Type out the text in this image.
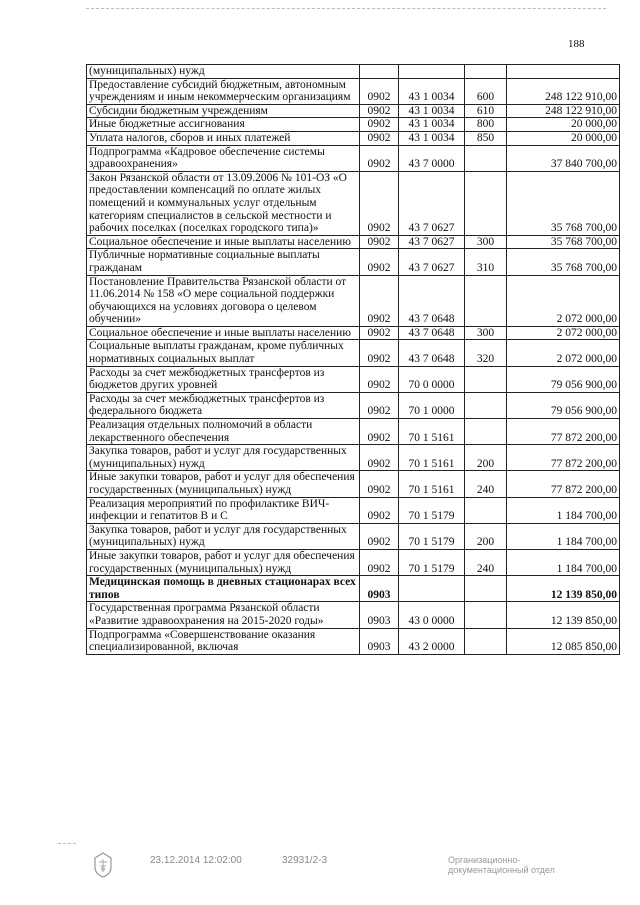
188
(муниципальных) нужд				
Предоставление субсидий бюджетным, автономным учреждениям и иным некоммерческим организациям	0902	43 1 0034	600	248 122 910,00
Субсидии бюджетным учреждениям	0902	43 1 0034	610	248 122 910,00
Иные бюджетные ассигнования	0902	43 1 0034	800	20 000,00
Уплата налогов, сборов и иных платежей	0902	43 1 0034	850	20 000,00
Подпрограмма «Кадровое обеспечение системы здравоохранения»	0902	43 7 0000		37 840 700,00
Закон Рязанской области от 13.09.2006 № 101-ОЗ «О предоставлении компенсаций по оплате жилых помещений и коммунальных услуг отдельным категориям специалистов в сельской местности и рабочих поселках (поселках городского типа)»	0902	43 7 0627		35 768 700,00
Социальное обеспечение и иные выплаты населению	0902	43 7 0627	300	35 768 700,00
Публичные нормативные социальные выплаты гражданам	0902	43 7 0627	310	35 768 700,00
Постановление Правительства Рязанской области от 11.06.2014 № 158 «О мере социальной поддержки обучающихся на условиях договора о целевом обучении»	0902	43 7 0648		2 072 000,00
Социальное обеспечение и иные выплаты населению	0902	43 7 0648	300	2 072 000,00
Социальные выплаты гражданам, кроме публичных нормативных социальных выплат	0902	43 7 0648	320	2 072 000,00
Расходы за счет межбюджетных трансфертов из бюджетов других уровней	0902	70 0 0000		79 056 900,00
Расходы за счет межбюджетных трансфертов из федерального бюджета	0902	70 1 0000		79 056 900,00
Реализация отдельных полномочий в области лекарственного обеспечения	0902	70 1 5161		77 872 200,00
Закупка товаров, работ и услуг для государственных (муниципальных) нужд	0902	70 1 5161	200	77 872 200,00
Иные закупки товаров, работ и услуг для обеспечения государственных (муниципальных) нужд	0902	70 1 5161	240	77 872 200,00
Реализация мероприятий по профилактике ВИЧ-инфекции и гепатитов В и С	0902	70 1 5179		1 184 700,00
Закупка товаров, работ и услуг для государственных (муниципальных) нужд	0902	70 1 5179	200	1 184 700,00
Иные закупки товаров, работ и услуг для обеспечения государственных (муниципальных) нужд	0902	70 1 5179	240	1 184 700,00
Медицинская помощь в дневных стационарах всех типов	0903			12 139 850,00
Государственная программа Рязанской области «Развитие здравоохранения на 2015-2020 годы»	0903	43 0 0000		12 139 850,00
Подпрограмма «Совершенствование оказания специализированной, включая	0903	43 2 0000		12 085 850,00
23.12.2014 12:02:00	32931/2-3	Организационно-документационный отдел
